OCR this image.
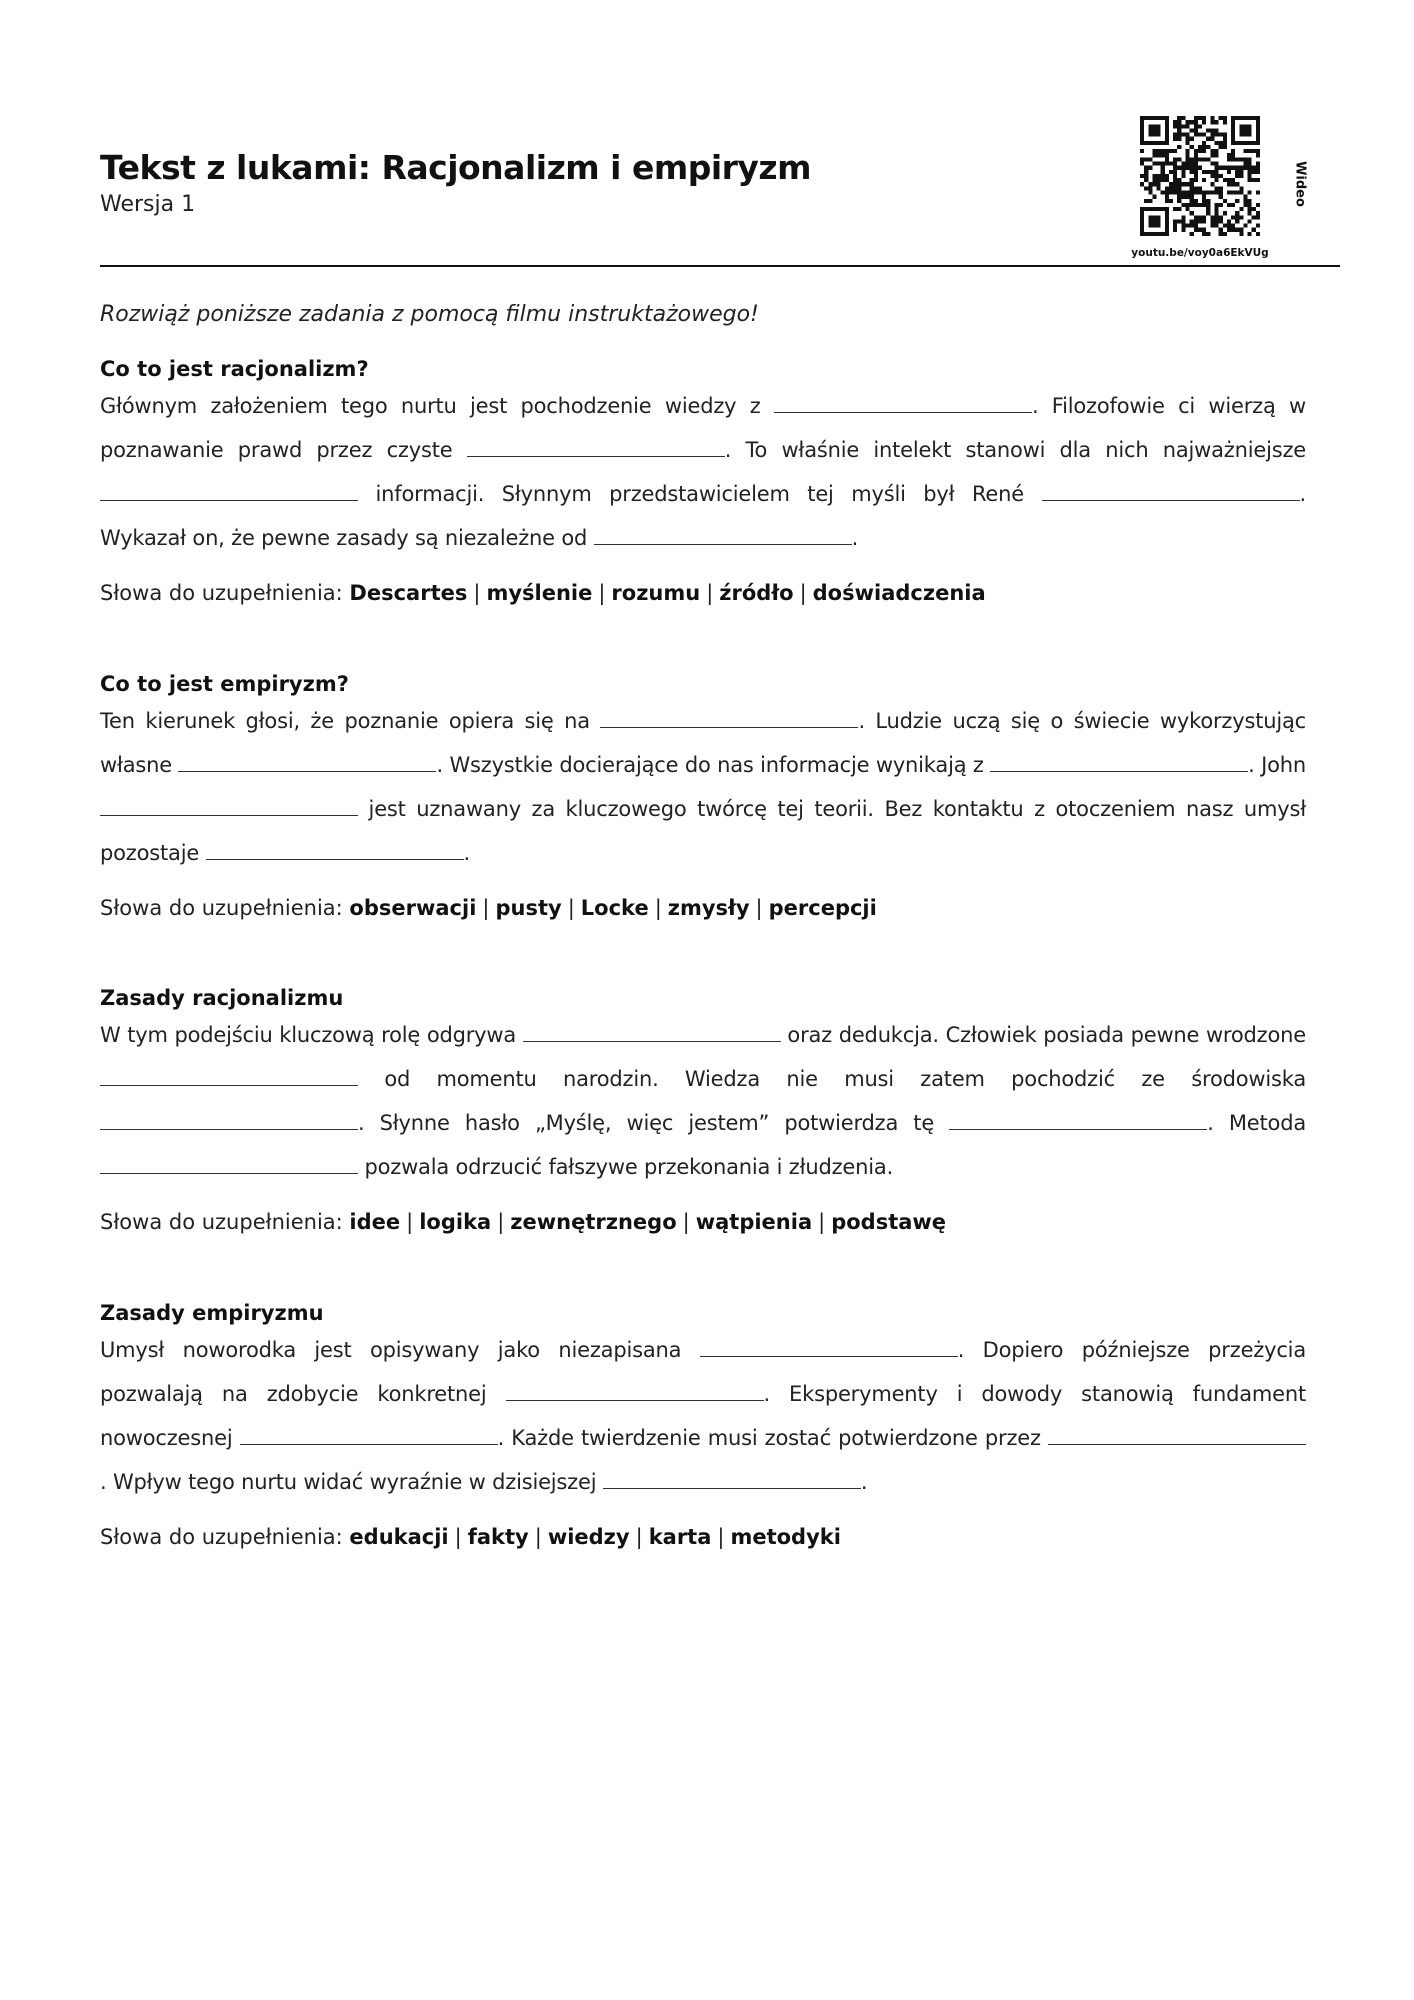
Tekst z lukami: Racjonalizm i empiryzm
Wersja 1
youtu.be/voy0a6EkVUg
Wideo
Rozwiąż poniższe zadania z pomocą filmu instruktażowego!
Co to jest racjonalizm?

Głównym założeniem tego nurtu jest pochodzenie wiedzy z	. Filozofowie ci wierzą w poznawanie prawd przez czyste	. To właśnie intelekt stanowi dla nich najważniejsze  informacji. Słynnym przedstawicielem tej myśli był René	. Wykazał on, że pewne zasady są niezależne od	.

Słowa do uzupełnienia: Descartes | myślenie | rozumu | źródło | doświadczenia

Co to jest empiryzm?

Ten kierunek głosi, że poznanie opiera się na	. Ludzie uczą się o świecie wykorzystując własne	. Wszystkie docierające do nas informacje wynikają z	. John  jest uznawany za kluczowego twórcę tej teorii. Bez kontaktu z otoczeniem nasz umysł pozostaje	.

Słowa do uzupełnienia: obserwacji | pusty | Locke | zmysły | percepcji

Zasady racjonalizmu

W tym podejściu kluczową rolę odgrywa	oraz dedukcja. Człowiek posiada pewne wrodzone  od momentu narodzin. Wiedza nie musi zatem pochodzić ze środowiska . Słynne hasło „Myślę, więc jestem” potwierdza tę	. Metoda  pozwala odrzucić fałszywe przekonania i złudzenia.

Słowa do uzupełnienia: idee | logika | zewnętrznego | wątpienia | podstawę

Zasady empiryzmu

Umysł noworodka jest opisywany jako niezapisana	. Dopiero późniejsze przeżycia pozwalają na zdobycie konkretnej	. Eksperymenty i dowody stanowią fundament nowoczesnej	. Każde twierdzenie musi zostać potwierdzone przez . Wpływ tego nurtu widać wyraźnie w dzisiejszej	.

Słowa do uzupełnienia: edukacji | fakty | wiedzy | karta | metodyki
